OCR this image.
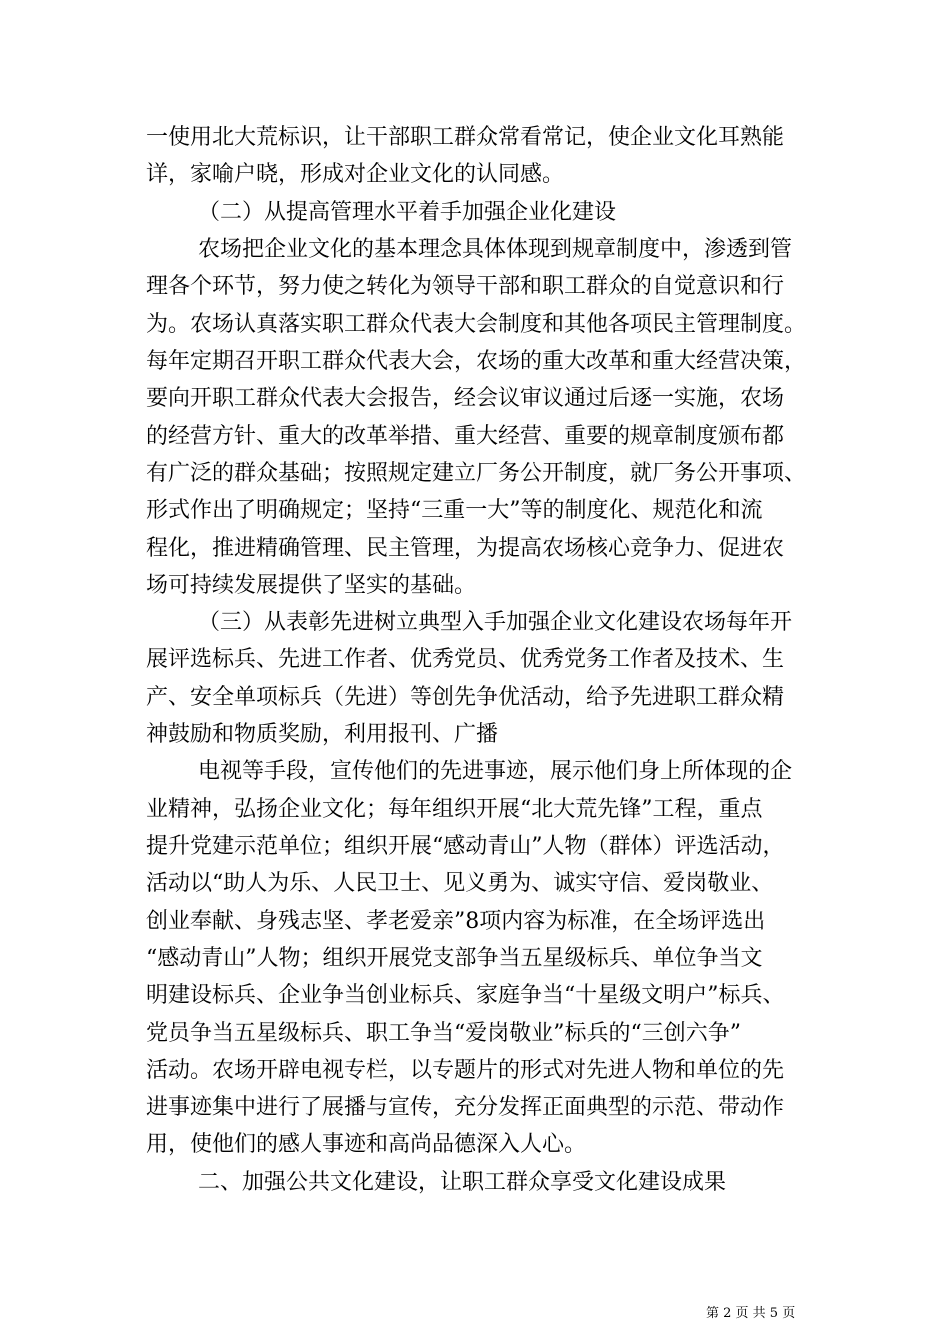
一使用北大荒标识，让干部职工群众常看常记，使企业文化耳熟能
详，家喻户晓，形成对企业文化的认同感。
（二）从提高管理水平着手加强企业化建设
农场把企业文化的基本理念具体体现到规章制度中，渗透到管
理各个环节，努力使之转化为领导干部和职工群众的自觉意识和行
为。农场认真落实职工群众代表大会制度和其他各项民主管理制度。
每年定期召开职工群众代表大会，农场的重大改革和重大经营决策，
要向开职工群众代表大会报告，经会议审议通过后逐一实施，农场
的经营方针、重大的改革举措、重大经营、重要的规章制度颁布都
有广泛的群众基础；按照规定建立厂务公开制度，就厂务公开事项、
形式作出了明确规定；坚持“三重一大”等的制度化、规范化和流
程化，推进精确管理、民主管理，为提高农场核心竞争力、促进农
场可持续发展提供了坚实的基础。
（三）从表彰先进树立典型入手加强企业文化建设农场每年开
展评选标兵、先进工作者、优秀党员、优秀党务工作者及技术、生
产、安全单项标兵（先进）等创先争优活动，给予先进职工群众精
神鼓励和物质奖励，利用报刊、广播
电视等手段，宣传他们的先进事迹，展示他们身上所体现的企
业精神，弘扬企业文化；每年组织开展“北大荒先锋”工程，重点
提升党建示范单位；组织开展“感动青山”人物（群体）评选活动，
活动以“助人为乐、人民卫士、见义勇为、诚实守信、爱岗敬业、
创业奉献、身残志坚、孝老爱亲”8项内容为标准，在全场评选出
“感动青山”人物；组织开展党支部争当五星级标兵、单位争当文
明建设标兵、企业争当创业标兵、家庭争当“十星级文明户”标兵、
党员争当五星级标兵、职工争当“爱岗敬业”标兵的“三创六争”
活动。农场开辟电视专栏，以专题片的形式对先进人物和单位的先
进事迹集中进行了展播与宣传，充分发挥正面典型的示范、带动作
用，使他们的感人事迹和高尚品德深入人心。
二、加强公共文化建设，让职工群众享受文化建设成果
第 2 页 共 5 页
